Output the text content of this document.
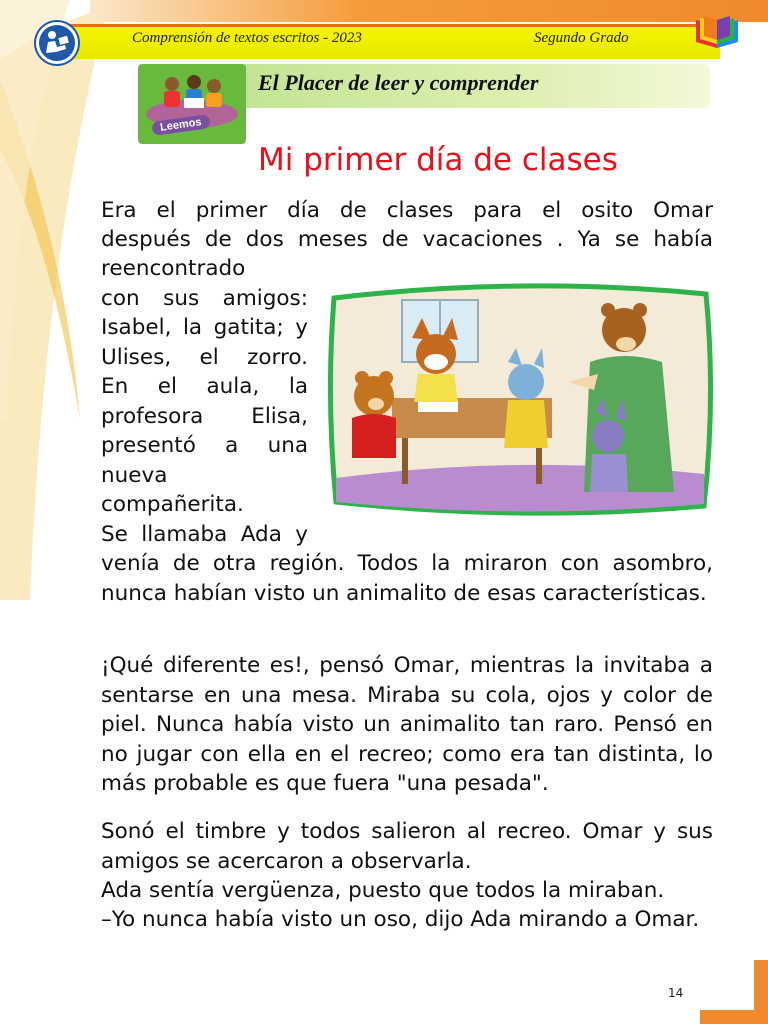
Comprensión de textos escritos - 2023	Segundo Grado
Leemos
El Placer de leer y comprender
Mi primer día de clases

Era el primer día de clases para el osito Omar

después de dos meses de vacaciones . Ya se había

reencontrado

con sus amigos:

Isabel, la gatita; y

Ulises, el zorro.

En el aula, la

profesora Elisa,

presentó a una

nueva

compañerita.

Se llamaba Ada y

venía de otra región. Todos la miraron con asombro, nunca habían visto un animalito de esas características.

¡Qué diferente es!, pensó Omar, mientras la invitaba a sentarse en una mesa. Miraba su cola, ojos y color de piel. Nunca había visto un animalito tan raro. Pensó en no jugar con ella en el recreo; como era tan distinta, lo más probable es que fuera "una pesada".

Sonó el timbre y todos salieron al recreo. Omar y sus amigos se acercaron a observarla.

Ada sentía vergüenza, puesto que todos la miraban.

–Yo nunca había visto un oso, dijo Ada mirando a Omar.

14
